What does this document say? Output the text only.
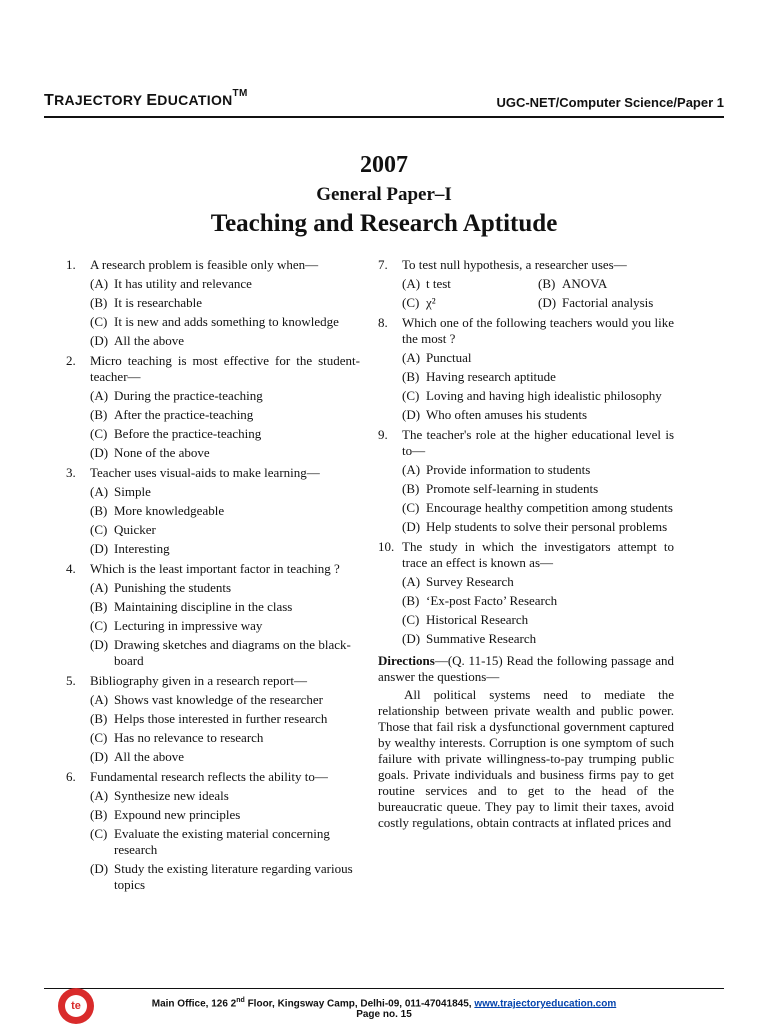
TRAJECTORY EDUCATION™
UGC-NET/Computer Science/Paper 1
2007
General Paper–I
Teaching and Research Aptitude
1. A research problem is feasible only when—
(A) It has utility and relevance
(B) It is researchable
(C) It is new and adds something to knowledge
(D) All the above
2. Micro teaching is most effective for the student-teacher—
(A) During the practice-teaching
(B) After the practice-teaching
(C) Before the practice-teaching
(D) None of the above
3. Teacher uses visual-aids to make learning—
(A) Simple
(B) More knowledgeable
(C) Quicker
(D) Interesting
4. Which is the least important factor in teaching ?
(A) Punishing the students
(B) Maintaining discipline in the class
(C) Lecturing in impressive way
(D) Drawing sketches and diagrams on the black-board
5. Bibliography given in a research report—
(A) Shows vast knowledge of the researcher
(B) Helps those interested in further research
(C) Has no relevance to research
(D) All the above
6. Fundamental research reflects the ability to—
(A) Synthesize new ideals
(B) Expound new principles
(C) Evaluate the existing material concerning research
(D) Study the existing literature regarding various topics
7. To test null hypothesis, a researcher uses—
(A) t test	(B) ANOVA
(C) χ²	(D) Factorial analysis
8. Which one of the following teachers would you like the most ?
(A) Punctual
(B) Having research aptitude
(C) Loving and having high idealistic philosophy
(D) Who often amuses his students
9. The teacher's role at the higher educational level is to—
(A) Provide information to students
(B) Promote self-learning in students
(C) Encourage healthy competition among students
(D) Help students to solve their personal problems
10. The study in which the investigators attempt to trace an effect is known as—
(A) Survey Research
(B) ‘Ex-post Facto’ Research
(C) Historical Research
(D) Summative Research
Directions—(Q. 11-15) Read the following passage and answer the questions—
All political systems need to mediate the relationship between private wealth and public power. Those that fail risk a dysfunctional government captured by wealthy interests. Corruption is one symptom of such failure with private willingness-to-pay trumping public goals. Private individuals and business firms pay to get routine services and to get to the head of the bureaucratic queue. They pay to limit their taxes, avoid costly regulations, obtain contracts at inflated prices and
te	Main Office, 126 2nd Floor, Kingsway Camp, Delhi-09, 011-47041845, www.trajectoryeducation.com
Page no. 15
